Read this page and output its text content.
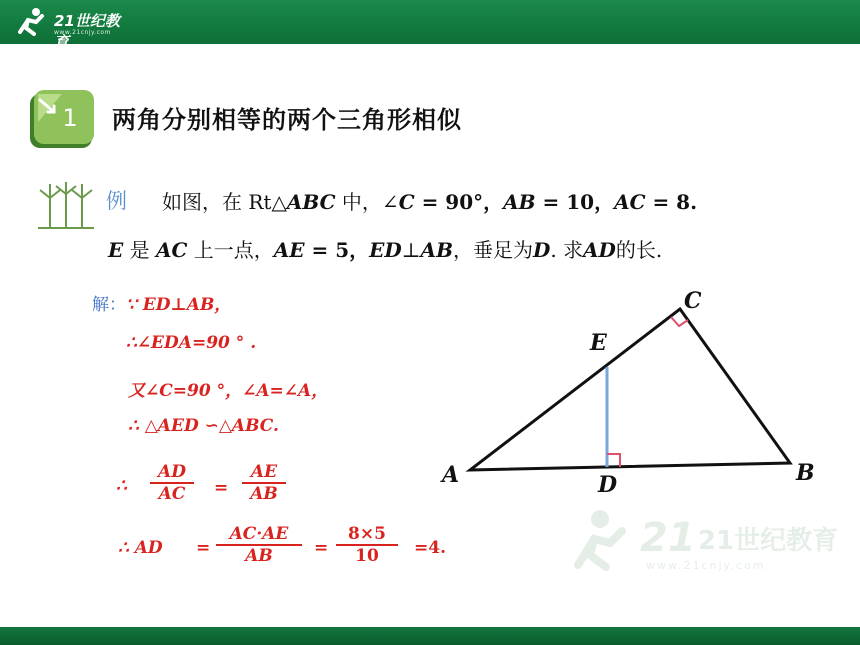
21世纪教育
www.21cnjy.com
1 两角分别相等的两个三角形相似
例 如图，在 Rt△ABC 中，∠C = 90°，AB = 10，AC = 8.
E 是 AC 上一点，AE = 5，ED⊥AB，垂足为D. 求AD的长.
解：∵ ED⊥AB，
∴∠EDA=90 ° .
又∠C=90 °，∠A=∠A，
∴ △AED ∽△ABC.
∴
AD
AC	=
AE
AB
∴ AD =
AC·AE
AB	=
8×5
10	=4.	21 21世纪教育
www.21cnjy.com
A	B
C
D
E
